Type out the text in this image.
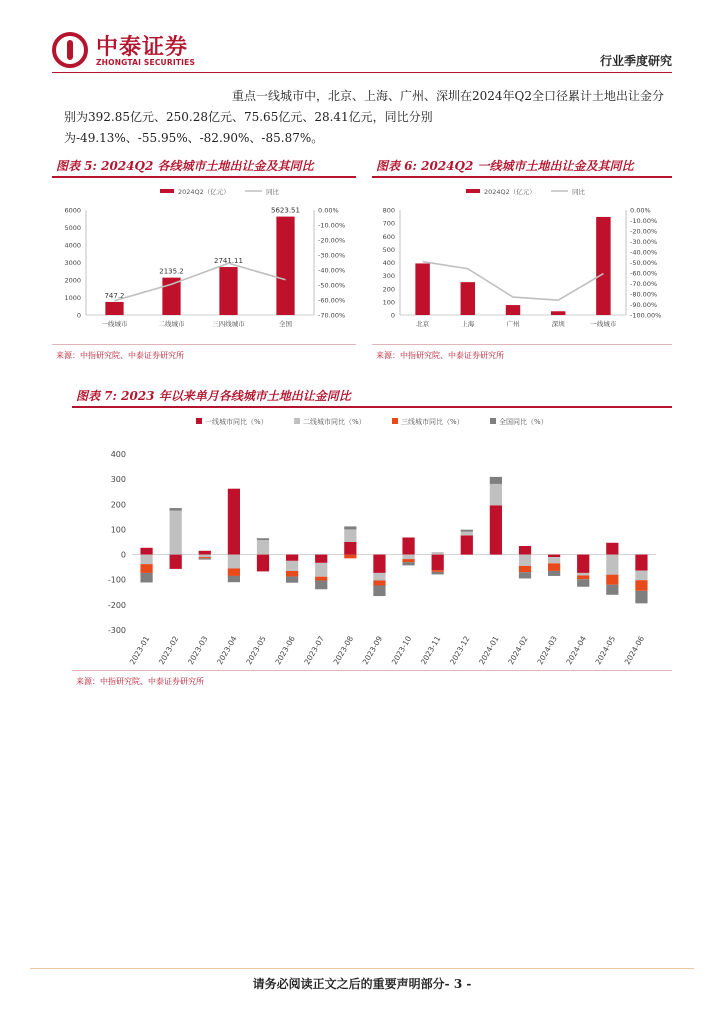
中泰证券
ZHONGTAI SECURITIES	行业季度研究

重点一线城市中，北京、上海、广州、深圳在2024年Q2全口径累计土地出让金分别为392.85亿元、250.28亿元、75.65亿元、28.41亿元，同比分别为-49.13%、-55.95%、-82.90%、-85.87%。

图表 5: 2024Q2 各线城市土地出让金及其同比
2024Q2（亿元）	同比
0
1000
2000
3000
4000
5000
6000	0.00%
-10.00%
-20.00%
-30.00%
-40.00%
-50.00%
-60.00%
-70.00%
一线城市
747.2
二线城市
2135.2
三四线城市
2741.11
全国
5623.51
来源：中指研究院、中泰证券研究所
图表 6: 2024Q2 一线城市土地出让金及其同比
2024Q2（亿元）	同比
0
100
200
300
400
500
600
700
800	0.00%
-10.00%
-20.00%
-30.00%
-40.00%
-50.00%
-60.00%
-70.00%
-80.00%
-90.00%
-100.00%
北京	上海	广州	深圳	一线城市
来源：中指研究院、中泰证券研究所
图表 7: 2023 年以来单月各线城市土地出让金同比
一线城市同比（%）	二线城市同比（%）	三线城市同比（%）	全国同比（%）
-300
-200
-100
0
100
200
300
400
2023-01 2023-02 2023-03 2023-04 2023-05 2023-06 2023-07 2023-08 2023-09 2023-10 2023-11 2023-12 2024-01 2024-02 2024-03 2024-04 2024-05 2024-06
来源：中指研究院、中泰证券研究所
请务必阅读正文之后的重要声明部分- 3 -
